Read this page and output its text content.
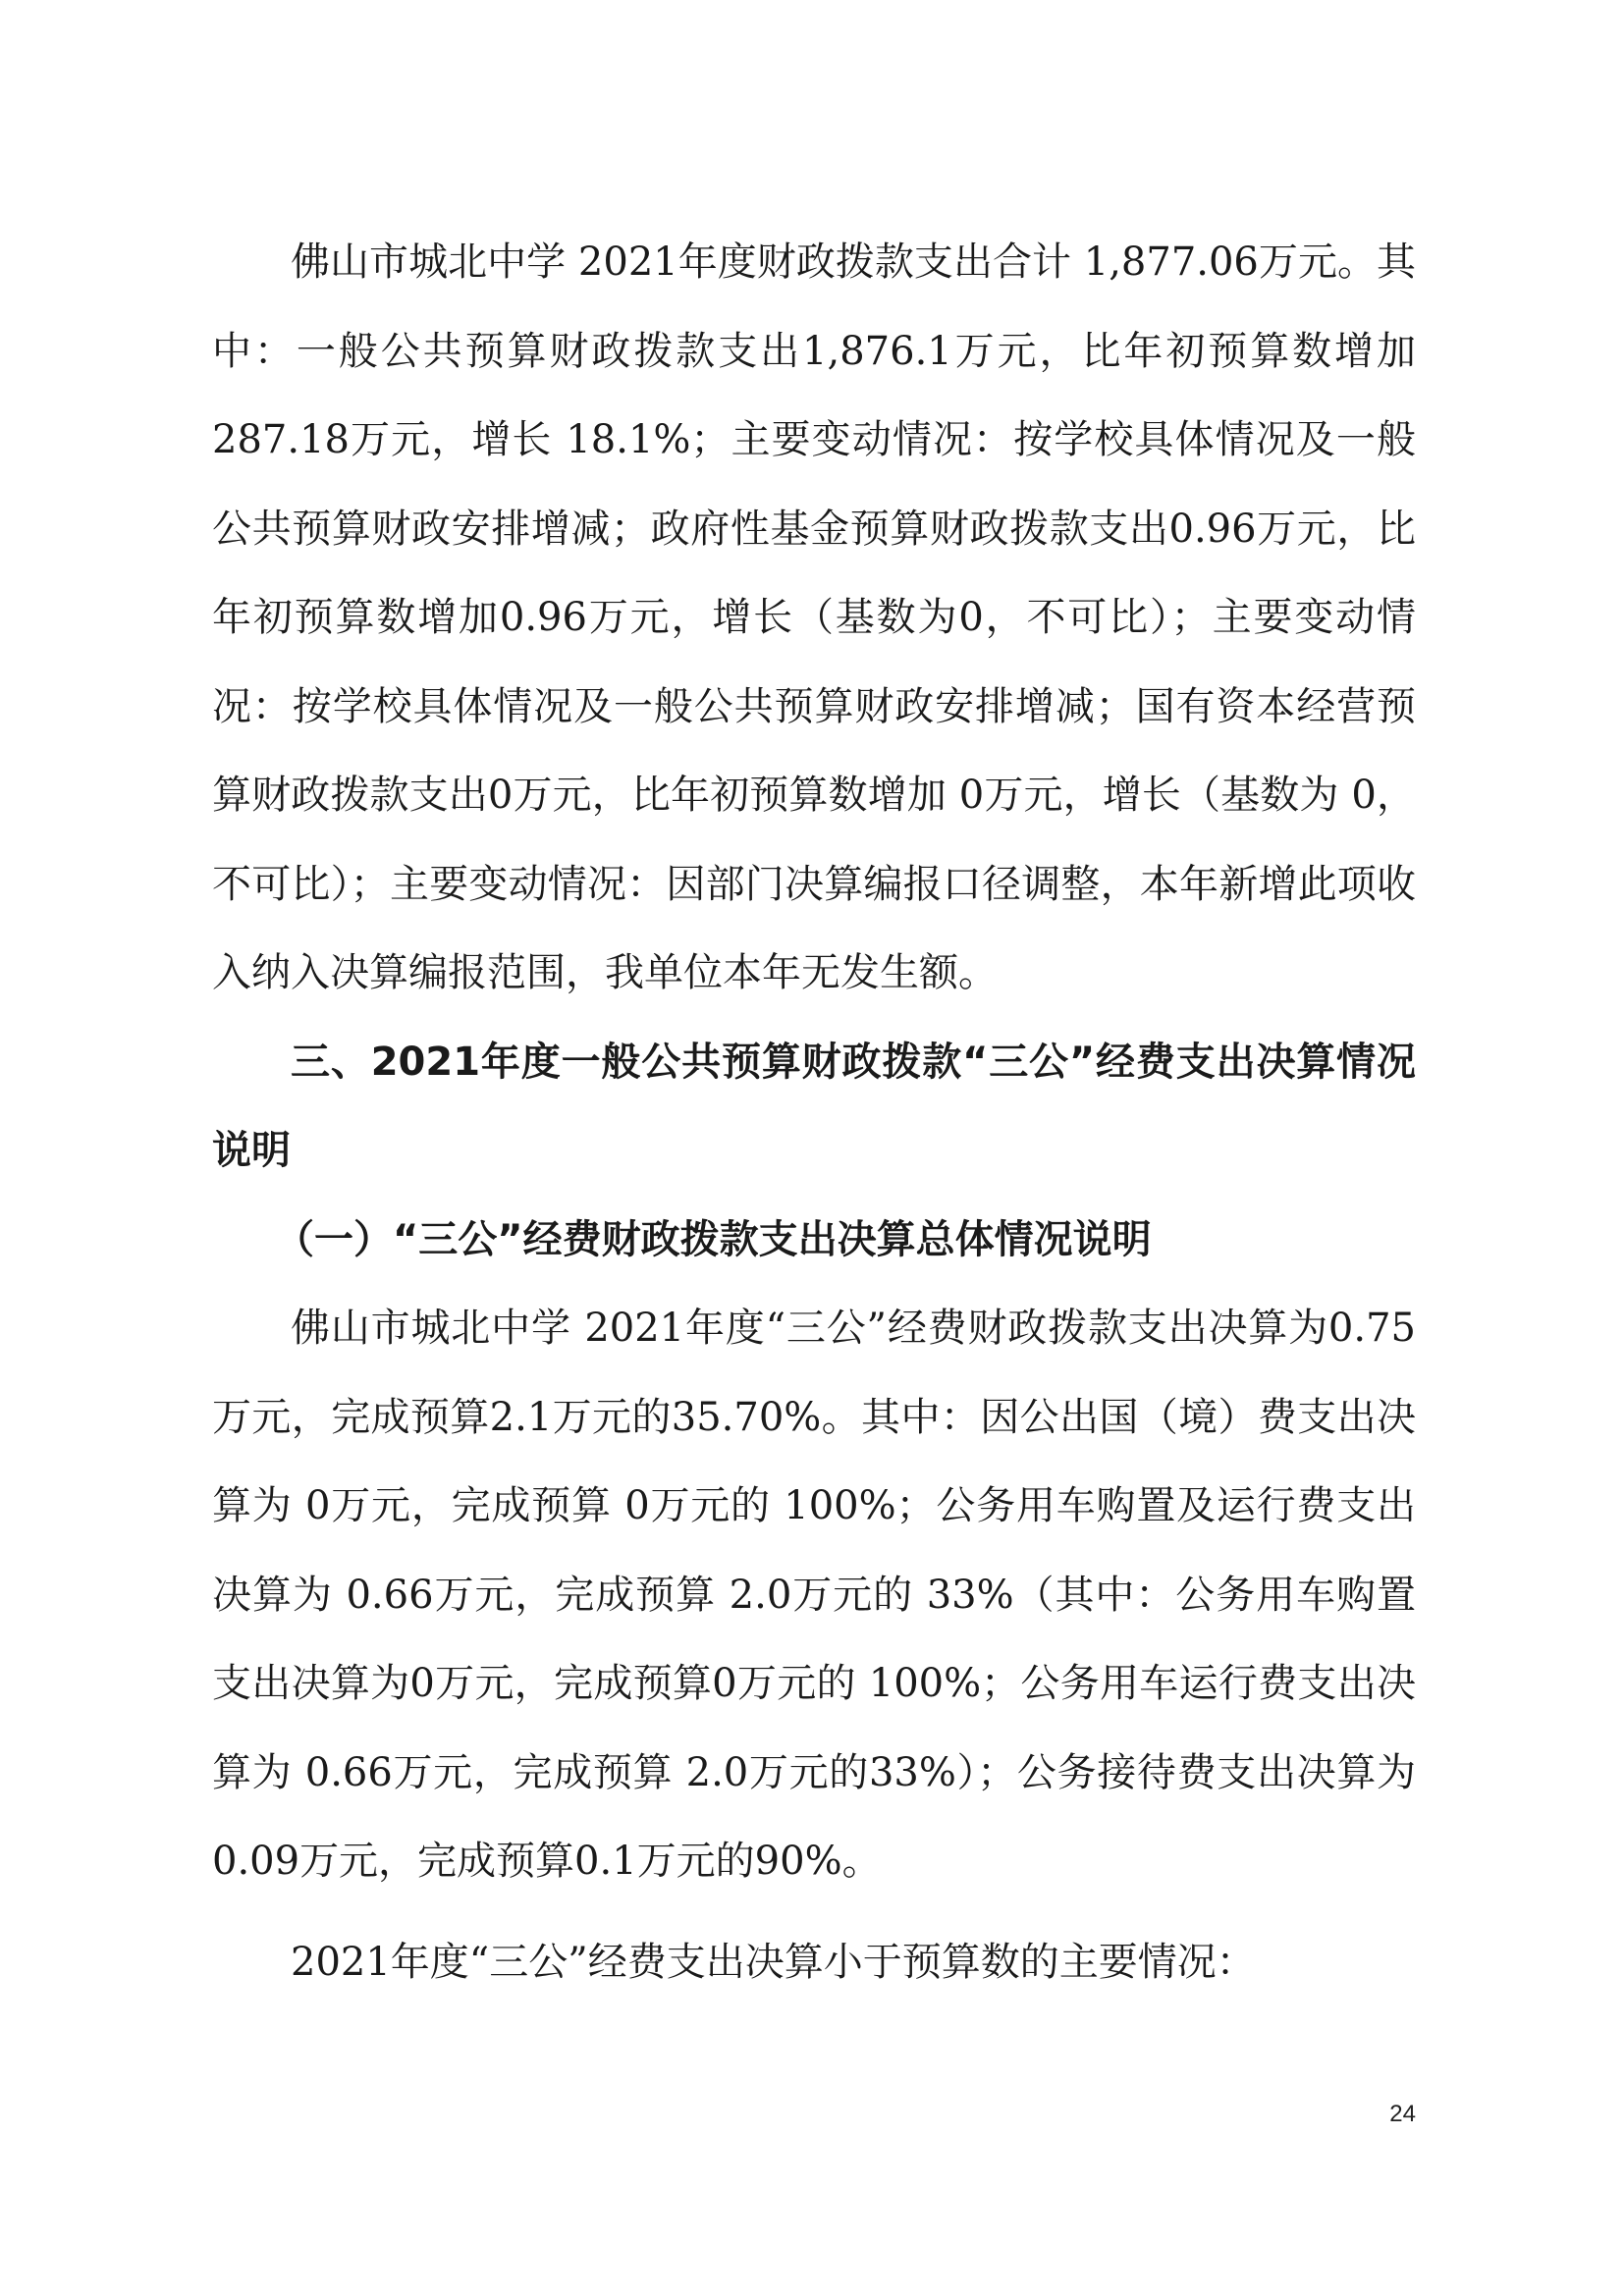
佛山市城北中学 2021年度财政拨款支出合计 1,877.06万元。其中：一般公共预算财政拨款支出1,876.1万元，比年初预算数增加 287.18万元，增长 18.1%；主要变动情况：按学校具体情况及一般公共预算财政安排增减；政府性基金预算财政拨款支出0.96万元，比年初预算数增加0.96万元，增长（基数为0，不可比）；主要变动情况：按学校具体情况及一般公共预算财政安排增减；国有资本经营预算财政拨款支出0万元，比年初预算数增加 0万元，增长（基数为 0，不可比）；主要变动情况：因部门决算编报口径调整，本年新增此项收入纳入决算编报范围，我单位本年无发生额。

三、2021年度一般公共预算财政拨款“三公”经费支出决算情况说明

（一）“三公”经费财政拨款支出决算总体情况说明

佛山市城北中学 2021年度“三公”经费财政拨款支出决算为0.75万元，完成预算2.1万元的35.70%。其中：因公出国（境）费支出决算为 0万元，完成预算 0万元的 100%；公务用车购置及运行费支出决算为 0.66万元，完成预算 2.0万元的 33%（其中：公务用车购置支出决算为0万元，完成预算0万元的 100%；公务用车运行费支出决算为 0.66万元，完成预算 2.0万元的33%）；公务接待费支出决算为0.09万元，完成预算0.1万元的90%。

2021年度“三公”经费支出决算小于预算数的主要情况：

24
